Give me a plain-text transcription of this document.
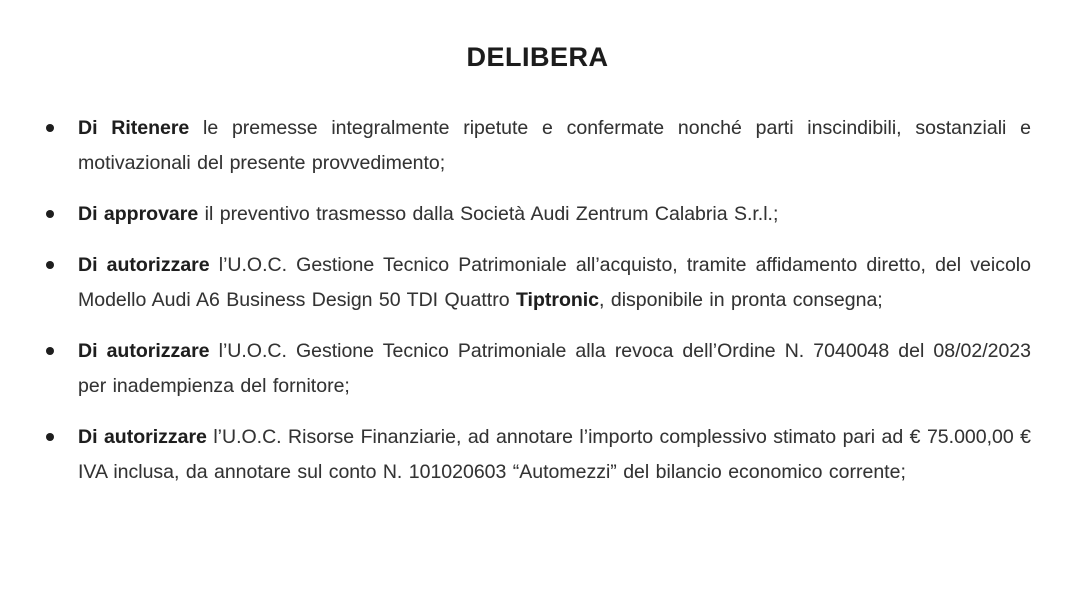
DELIBERA
Di Ritenere le premesse integralmente ripetute e confermate nonché parti inscindibili, sostanziali e motivazionali del presente provvedimento;
Di approvare il preventivo trasmesso dalla Società Audi Zentrum Calabria S.r.l.;
Di autorizzare l’U.O.C. Gestione Tecnico Patrimoniale all’acquisto, tramite affidamento diretto, del veicolo Modello Audi A6 Business Design 50 TDI Quattro Tiptronic, disponibile in pronta consegna;
Di autorizzare l’U.O.C. Gestione Tecnico Patrimoniale alla revoca dell’Ordine N. 7040048 del 08/02/2023 per inadempienza del fornitore;
Di autorizzare l’U.O.C. Risorse Finanziarie, ad annotare l’importo complessivo stimato pari ad € 75.000,00 € IVA inclusa, da annotare sul conto N. 101020603 “Automezzi” del bilancio economico corrente;
